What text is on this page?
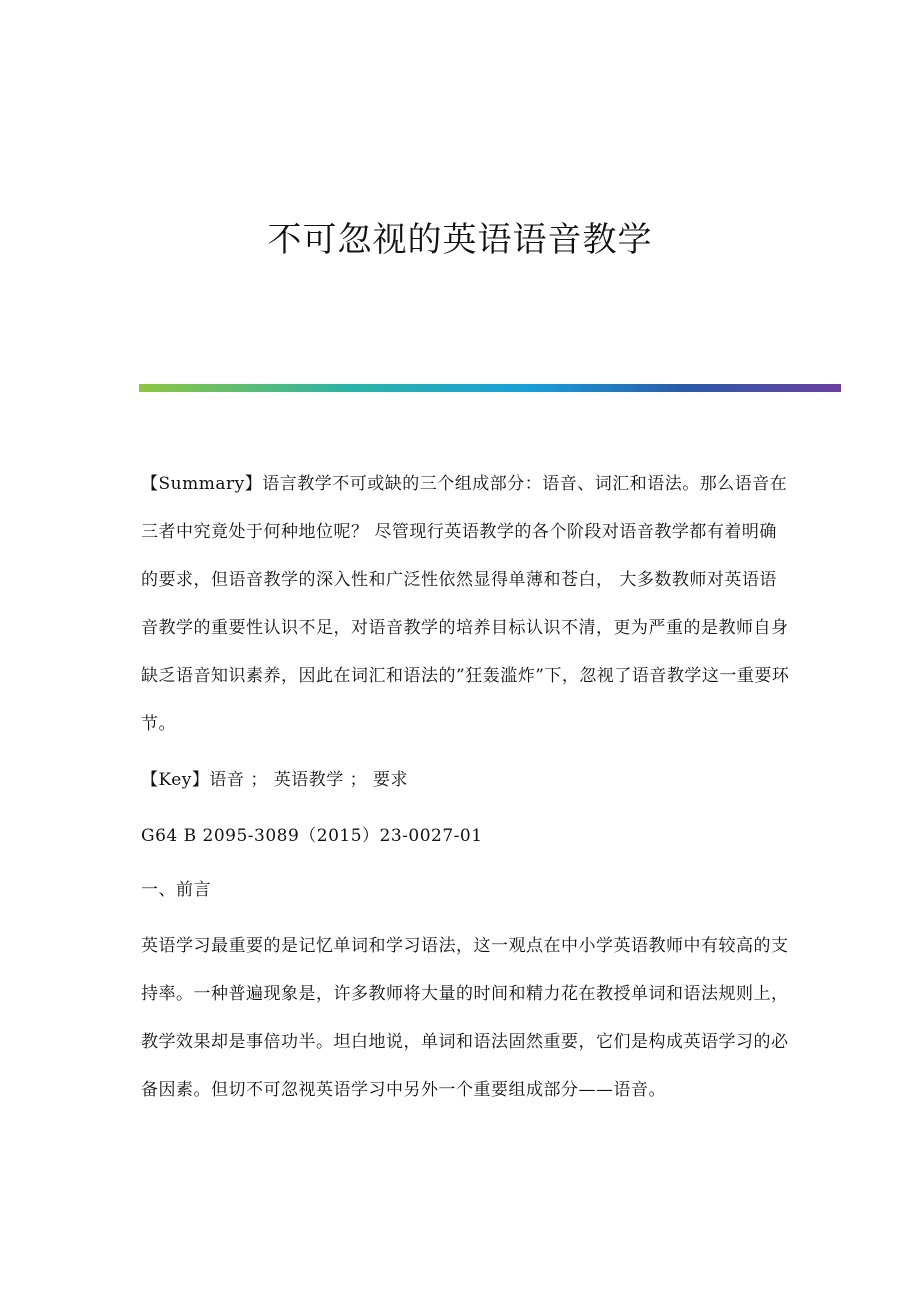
不可忽视的英语语音教学

【Summary】语言教学不可或缺的三个组成部分：语音、词汇和语法。那么语音在三者中究竟处于何种地位呢？ 尽管现行英语教学的各个阶段对语音教学都有着明确的要求，但语音教学的深入性和广泛性依然显得单薄和苍白， 大多数教师对英语语音教学的重要性认识不足，对语音教学的培养目标认识不清，更为严重的是教师自身缺乏语音知识素养，因此在词汇和语法的”狂轰滥炸”下，忽视了语音教学这一重要环节。

【Key】语音 ； 英语教学 ； 要求

G64 B 2095-3089（2015）23-0027-01

一、前言

英语学习最重要的是记忆单词和学习语法，这一观点在中小学英语教师中有较高的支持率。一种普遍现象是，许多教师将大量的时间和精力花在教授单词和语法规则上，教学效果却是事倍功半。坦白地说，单词和语法固然重要，它们是构成英语学习的必备因素。但切不可忽视英语学习中另外一个重要组成部分——语音。
